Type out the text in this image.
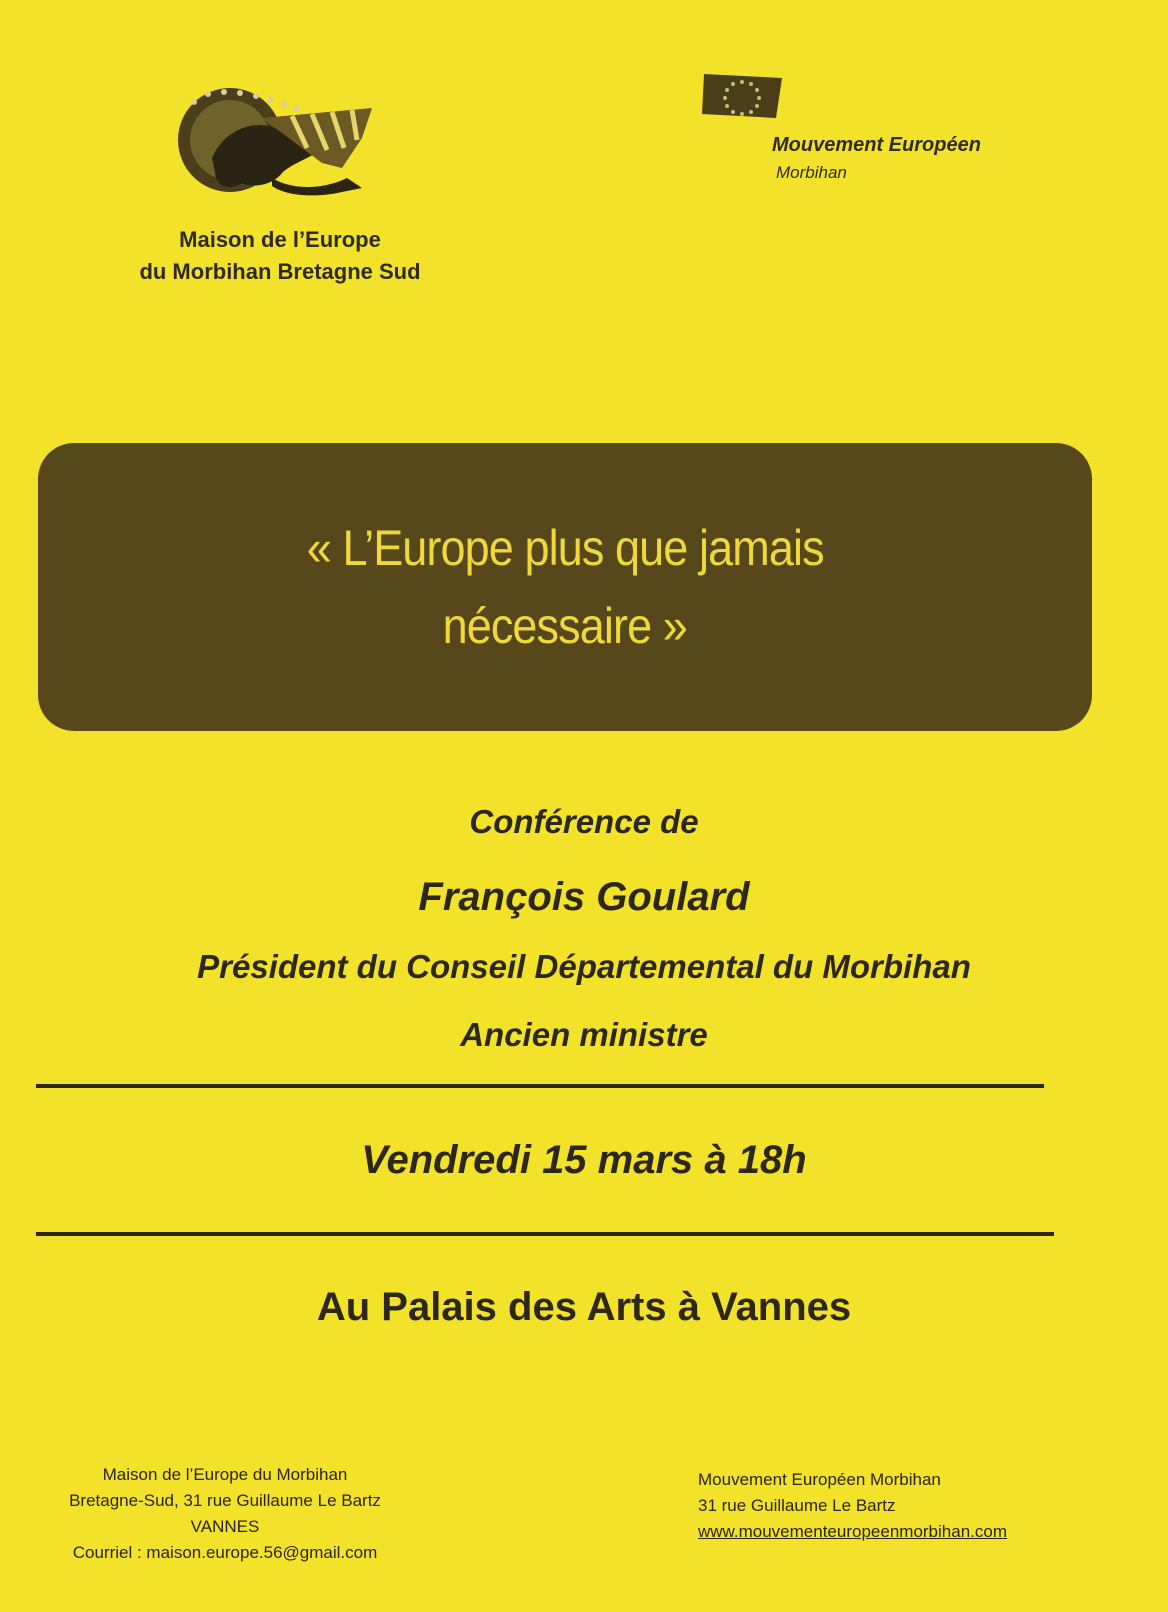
Maison de l’Europe
du Morbihan Bretagne Sud
Mouvement Européen
Morbihan
« L’Europe plus que jamais
nécessaire »
Conférence de
François Goulard
Président du Conseil Départemental du Morbihan
Ancien ministre
Vendredi 15 mars à 18h
Au Palais des Arts à Vannes
Maison de l’Europe du Morbihan
Bretagne-Sud, 31 rue Guillaume Le Bartz
VANNES
Courriel : maison.europe.56@gmail.com
Mouvement Européen Morbihan
31 rue Guillaume Le Bartz
www.mouvementeuropeenmorbihan.com
